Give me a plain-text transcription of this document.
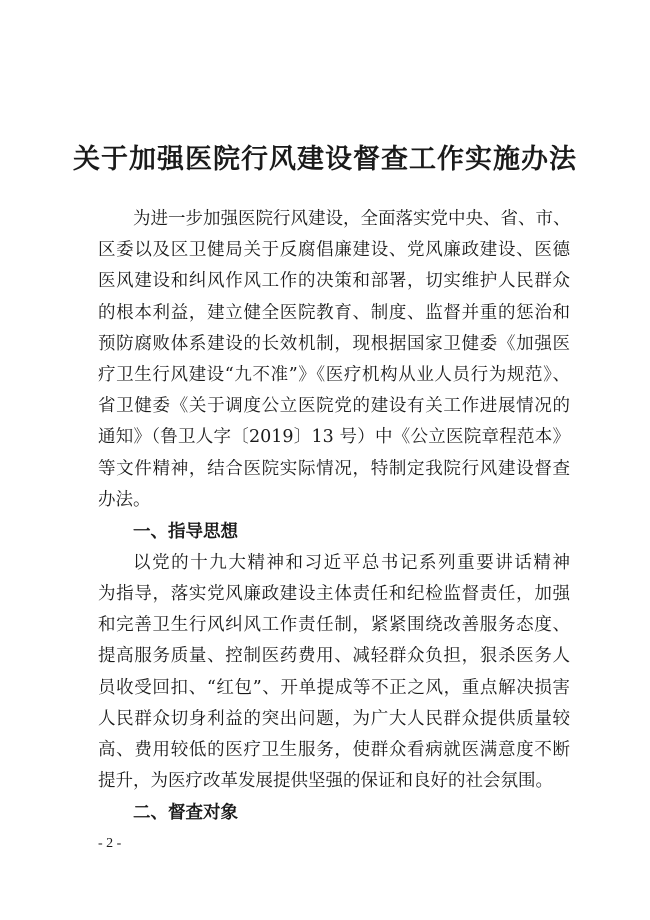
关于加强医院行风建设督查工作实施办法
为进一步加强医院行风建设，全面落实党中央、省、市、
区委以及区卫健局关于反腐倡廉建设、党风廉政建设、医德
医风建设和纠风作风工作的决策和部署，切实维护人民群众
的根本利益，建立健全医院教育、制度、监督并重的惩治和
预防腐败体系建设的长效机制，现根据国家卫健委《加强医
疗卫生行风建设“九不准”》《医疗机构从业人员行为规范》、
省卫健委《关于调度公立医院党的建设有关工作进展情况的
通知》（鲁卫人字〔2019〕13 号）中《公立医院章程范本》
等文件精神，结合医院实际情况，特制定我院行风建设督查
办法。
一、指导思想
以党的十九大精神和习近平总书记系列重要讲话精神
为指导，落实党风廉政建设主体责任和纪检监督责任，加强
和完善卫生行风纠风工作责任制，紧紧围绕改善服务态度、
提高服务质量、控制医药费用、减轻群众负担，狠杀医务人
员收受回扣、“红包”、开单提成等不正之风，重点解决损害
人民群众切身利益的突出问题，为广大人民群众提供质量较
高、费用较低的医疗卫生服务，使群众看病就医满意度不断
提升，为医疗改革发展提供坚强的保证和良好的社会氛围。
二、督查对象
- 2 -
